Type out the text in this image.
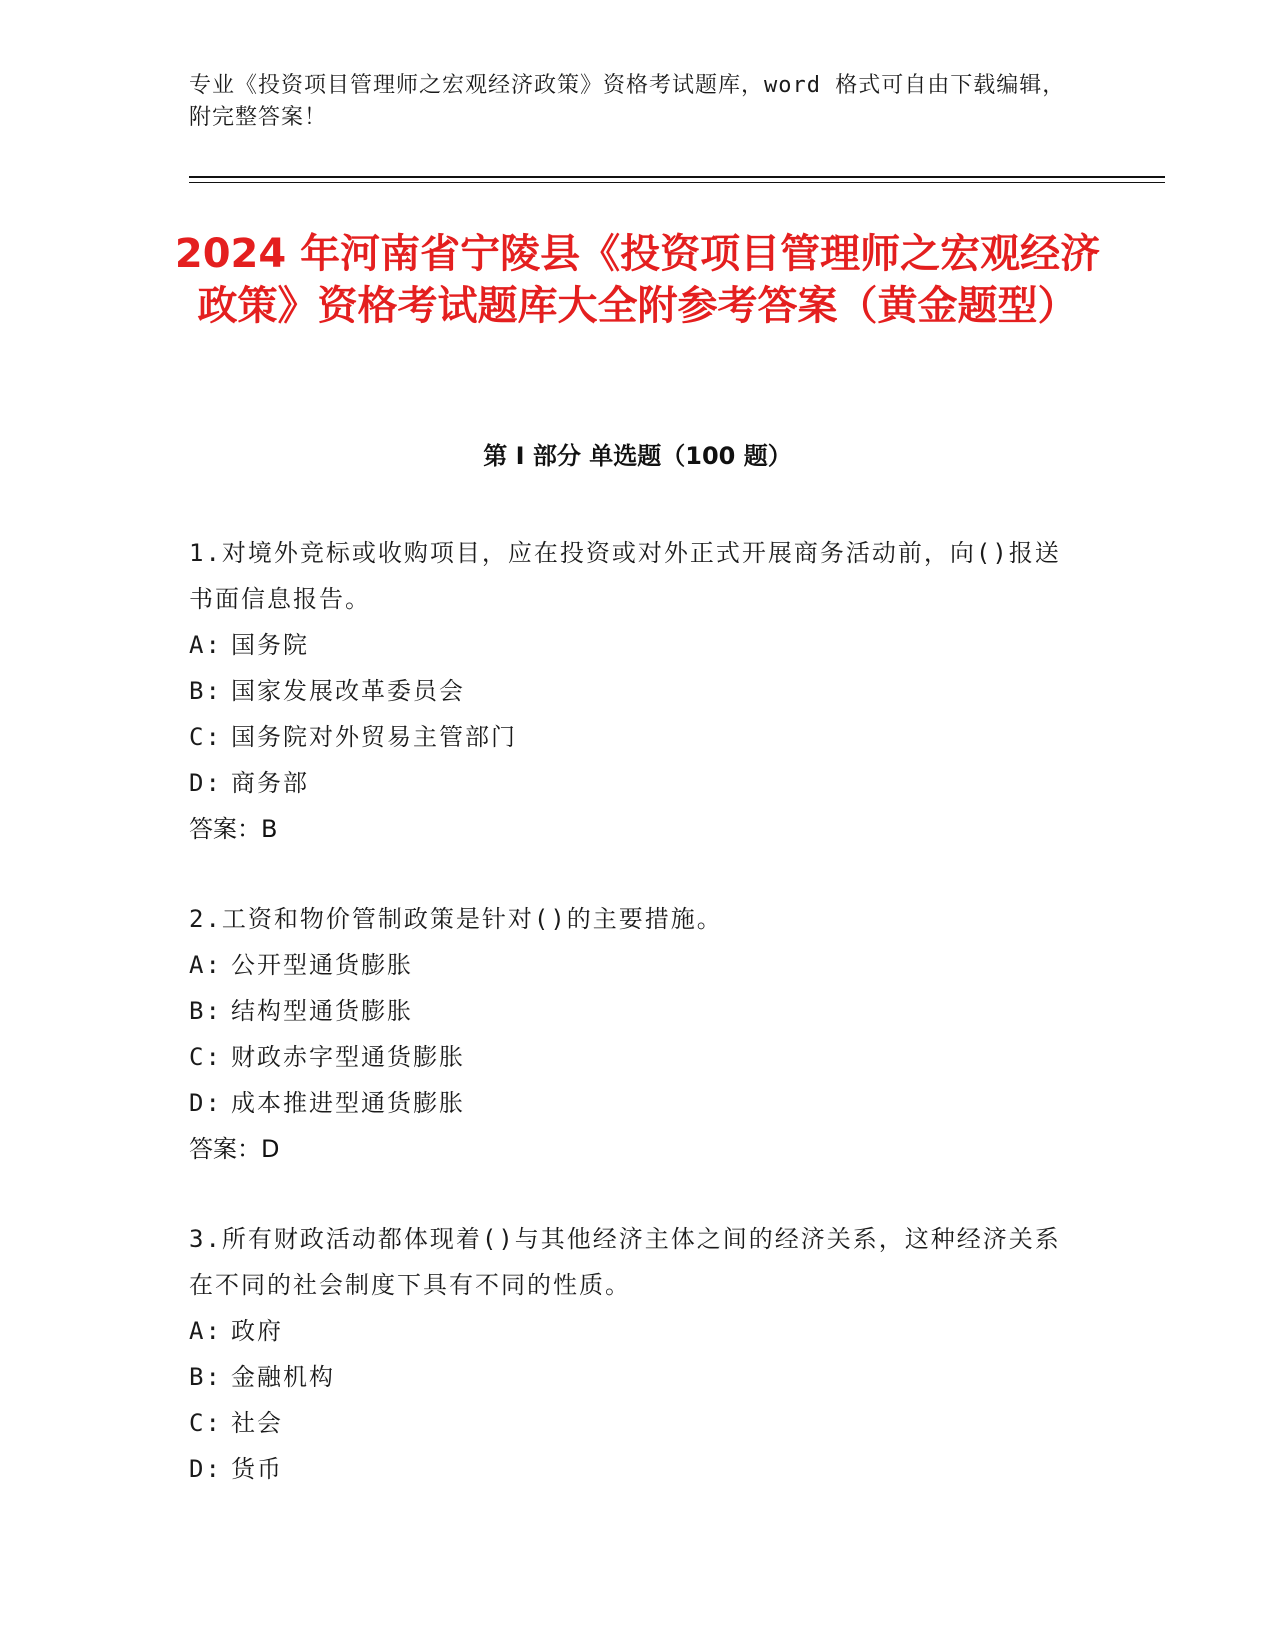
专业《投资项目管理师之宏观经济政策》资格考试题库，word 格式可自由下载编辑，附完整答案！
2024 年河南省宁陵县《投资项目管理师之宏观经济政策》资格考试题库大全附参考答案（黄金题型）
第 I 部分 单选题（100 题）
1.对境外竞标或收购项目，应在投资或对外正式开展商务活动前，向()报送书面信息报告。
A: 国务院
B: 国家发展改革委员会
C: 国务院对外贸易主管部门
D: 商务部
答案：B
2.工资和物价管制政策是针对()的主要措施。
A: 公开型通货膨胀
B: 结构型通货膨胀
C: 财政赤字型通货膨胀
D: 成本推进型通货膨胀
答案：D
3.所有财政活动都体现着()与其他经济主体之间的经济关系，这种经济关系在不同的社会制度下具有不同的性质。
A: 政府
B: 金融机构
C: 社会
D: 货币
